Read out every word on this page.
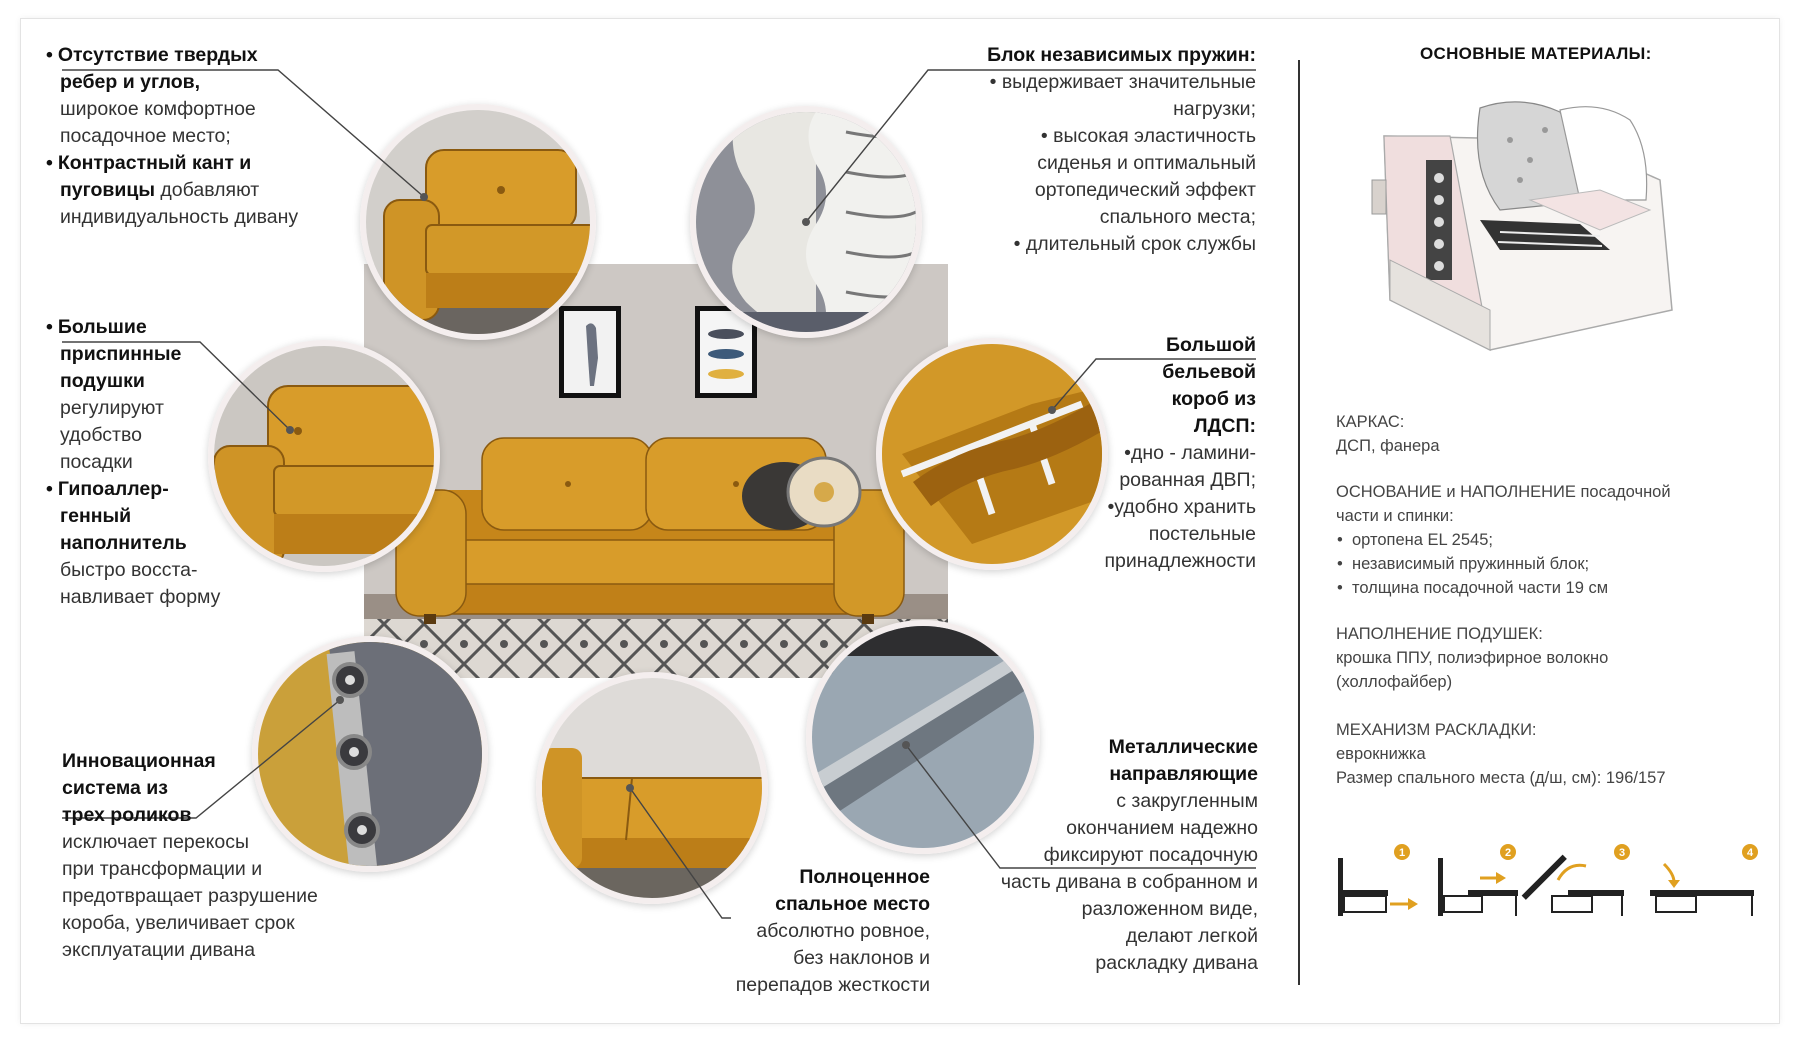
• Отсутствие твердых
ребер и углов,
широкое комфортное
посадочное место;
• Контрастный кант и
пуговицы добавляют
индивидуальность дивану
• Большие
приспинные
подушки
регулируют
удобство
посадки
• Гипоаллер-
генный
наполнитель
быстро восста-
навливает форму
Инновационная
система из
трех роликов
исключает перекосы
при трансформации и
предотвращает разрушение
короба, увеличивает срок
эксплуатации дивана
Блок независимых пружин:
• выдерживает значительные
нагрузки;
• высокая эластичность
сиденья и оптимальный
ортопедический эффект
спального места;
• длительный срок службы
Большой
бельевой
короб из
ЛДСП:
•дно - ламини-
рованная ДВП;
•удобно хранить
постельные
принадлежности
Металлические
направляющие
с закругленным
окончанием надежно
фиксируют посадочную
часть дивана в собранном и
разложенном виде,
делают легкой
раскладку дивана
Полноценное
спальное место
абсолютно ровное,
без наклонов и
перепадов жесткости
ОСНОВНЫЕ МАТЕРИАЛЫ:
КАРКАС:
ДСП, фанера
ОСНОВАНИЕ и НАПОЛНЕНИЕ посадочной
части и спинки:
• ортопена EL 2545;
• независимый пружинный блок;
• толщина посадочной части 19 см
НАПОЛНЕНИЕ ПОДУШЕК:
крошка ППУ, полиэфирное волокно
(холлофайбер)
МЕХАНИЗМ РАСКЛАДКИ:
еврокнижка
Размер спального места (д/ш, см): 196/157
1	2	3	4
